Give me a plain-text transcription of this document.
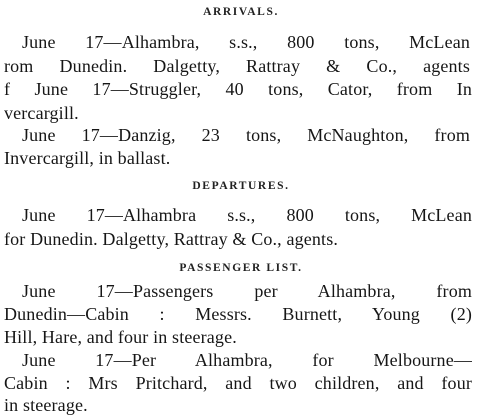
ARRIVALS.
June 17—Alhambra, s.s., 800 tons, McLean
rom Dunedin. Dalgetty, Rattray & Co., agents
f June 17—Struggler, 40 tons, Cator, from In
vercargill.
June 17—Danzig, 23 tons, McNaughton, from
Invercargill, in ballast.
DEPARTURES.
June 17—Alhambra s.s., 800 tons, McLean
for Dunedin. Dalgetty, Rattray & Co., agents.
PASSENGER LIST.
June 17—Passengers per Alhambra, from
Dunedin—Cabin : Messrs. Burnett, Young (2)
Hill, Hare, and four in steerage.
June 17—Per Alhambra, for Melbourne—
Cabin : Mrs Pritchard, and two children, and four
in steerage.
